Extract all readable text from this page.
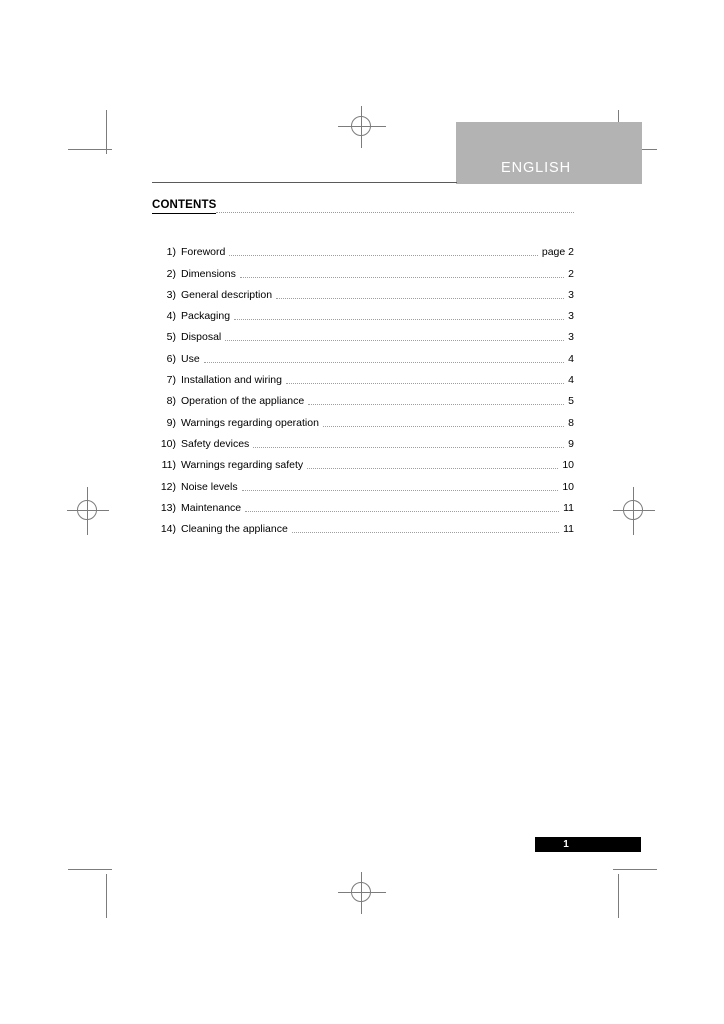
ENGLISH
CONTENTS
1) Foreword	page 2
2) Dimensions	2
3) General description	3
4) Packaging	3
5) Disposal	3
6) Use	4
7) Installation and wiring	4
8) Operation of the appliance	5
9) Warnings regarding operation	8
10) Safety devices	9
11) Warnings regarding safety	10
12) Noise levels	10
13) Maintenance	11
14) Cleaning the appliance	11
1
